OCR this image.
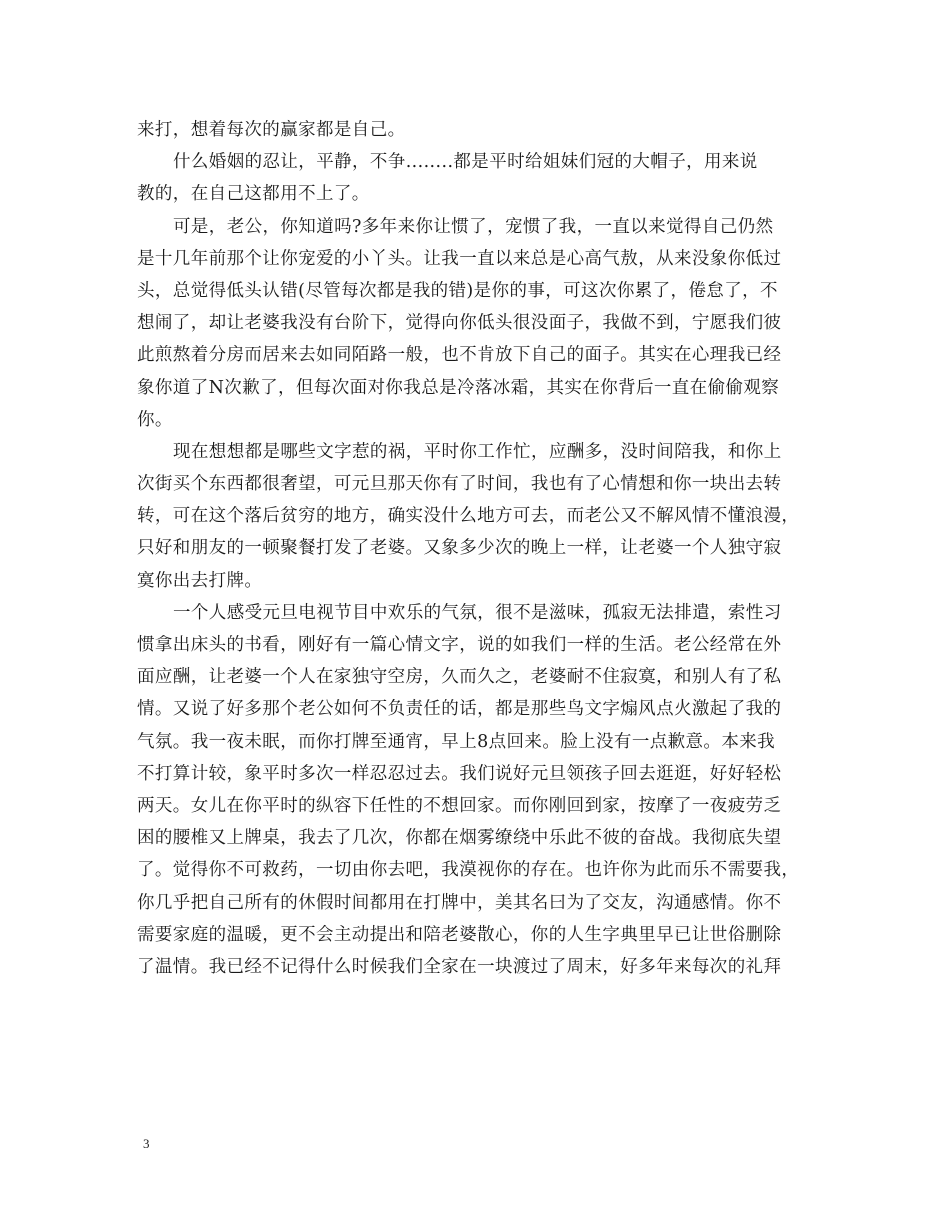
来打，想着每次的赢家都是自己。
什么婚姻的忍让，平静，不争........都是平时给姐妹们冠的大帽子，用来说
教的，在自己这都用不上了。
可是，老公，你知道吗?多年来你让惯了，宠惯了我，一直以来觉得自己仍然
是十几年前那个让你宠爱的小丫头。让我一直以来总是心高气敖，从来没象你低过
头，总觉得低头认错(尽管每次都是我的错)是你的事，可这次你累了，倦怠了，不
想闹了，却让老婆我没有台阶下，觉得向你低头很没面子，我做不到，宁愿我们彼
此煎熬着分房而居来去如同陌路一般，也不肯放下自己的面子。其实在心理我已经
象你道了N次歉了，但每次面对你我总是冷落冰霜，其实在你背后一直在偷偷观察
你。
现在想想都是哪些文字惹的祸，平时你工作忙，应酬多，没时间陪我，和你上
次街买个东西都很奢望，可元旦那天你有了时间，我也有了心情想和你一块出去转
转，可在这个落后贫穷的地方，确实没什么地方可去，而老公又不解风情不懂浪漫，
只好和朋友的一顿聚餐打发了老婆。又象多少次的晚上一样，让老婆一个人独守寂
寞你出去打牌。
一个人感受元旦电视节目中欢乐的气氛，很不是滋味，孤寂无法排遣，索性习
惯拿出床头的书看，刚好有一篇心情文字，说的如我们一样的生活。老公经常在外
面应酬，让老婆一个人在家独守空房，久而久之，老婆耐不住寂寞，和别人有了私
情。又说了好多那个老公如何不负责任的话，都是那些鸟文字煽风点火激起了我的
气氛。我一夜未眠，而你打牌至通宵，早上8点回来。脸上没有一点歉意。本来我
不打算计较，象平时多次一样忍忍过去。我们说好元旦领孩子回去逛逛，好好轻松
两天。女儿在你平时的纵容下任性的不想回家。而你刚回到家，按摩了一夜疲劳乏
困的腰椎又上牌桌，我去了几次，你都在烟雾缭绕中乐此不彼的奋战。我彻底失望
了。觉得你不可救药，一切由你去吧，我漠视你的存在。也许你为此而乐不需要我，
你几乎把自己所有的休假时间都用在打牌中，美其名曰为了交友，沟通感情。你不
需要家庭的温暖，更不会主动提出和陪老婆散心，你的人生字典里早已让世俗删除
了温情。我已经不记得什么时候我们全家在一块渡过了周末，好多年来每次的礼拜
3
